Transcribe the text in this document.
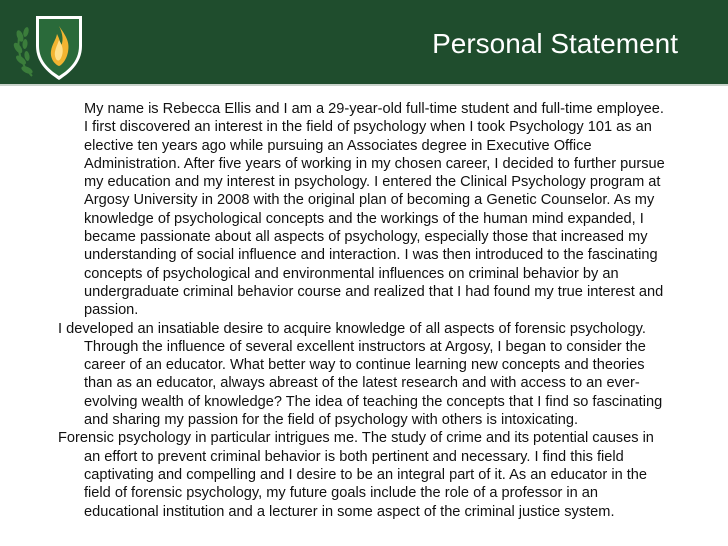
Personal Statement

My name is Rebecca Ellis and I am a 29-year-old full-time student and full-time employee. I first discovered an interest in the field of psychology when I took Psychology 101 as an elective ten years ago while pursuing an Associates degree in Executive Office Administration. After five years of working in my chosen career, I decided to further pursue my education and my interest in psychology. I entered the Clinical Psychology program at Argosy University in 2008 with the original plan of becoming a Genetic Counselor. As my knowledge of psychological concepts and the workings of the human mind expanded, I became passionate about all aspects of psychology, especially those that increased my understanding of social influence and interaction. I was then introduced to the fascinating concepts of psychological and environmental influences on criminal behavior by an undergraduate criminal behavior course and realized that I had found my true interest and passion.

I developed an insatiable desire to acquire knowledge of all aspects of forensic psychology. Through the influence of several excellent instructors at Argosy, I began to consider the career of an educator. What better way to continue learning new concepts and theories than as an educator, always abreast of the latest research and with access to an ever-evolving wealth of knowledge? The idea of teaching the concepts that I find so fascinating and sharing my passion for the field of psychology with others is intoxicating.

Forensic psychology in particular intrigues me. The study of crime and its potential causes in an effort to prevent criminal behavior is both pertinent and necessary. I find this field captivating and compelling and I desire to be an integral part of it. As an educator in the field of forensic psychology, my future goals include the role of a professor in an educational institution and a lecturer in some aspect of the criminal justice system.
